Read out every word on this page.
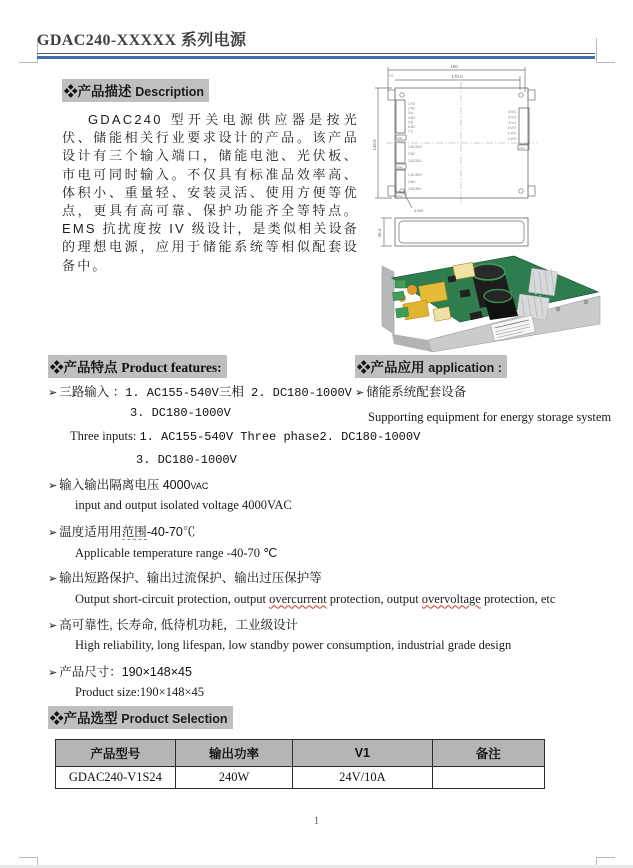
GDAC240-XXXXX 系列电源
❖产品描述 Description
GDAC240 型开关电源供应器是按光伏、储能相关行业要求设计的产品。该产品设计有三个输入端口，储能电池、光伏板、市电可同时输入。不仅具有标准品效率高、体积小、重量轻、安装灵活、使用方便等优点，更具有高可靠、保护功能齐全等特点。EMS 抗扰度按 IV 级设计，是类似相关设备的理想电源，应用于储能系统等相似配套设备中。
190
170.0
7.0
148.0
45.4
4-M3
1:FG
2:NC
3:A
4:NC
5:B
6:NC
7:C
1:DC2IN+
2:NC
3:DC2IN-
1:DC3IN+
2:NC
3:DC3IN-
6:VO-
5:VO-
4:VO-
3:VO+
2:VO+
1:VO+
CN1
CN2
CN3
CN4
❖产品特点 Product features:	❖产品应用 application :
➢ 三路输入 ：1. AC155-540V三相 2. DC180-1000V
3. DC180-1000V
Three inputs: 1. AC155-540V Three phase2. DC180-1000V
3. DC180-1000V
➢ 输入输出隔离电压 4000VAC
input and output isolated voltage 4000VAC
➢ 温度适用用范围-40-70℃
Applicable temperature range -40-70 ℃
➢ 输出短路保护、输出过流保护、输出过压保护等
Output short-circuit protection, output overcurrent protection, output overvoltage protection, etc
➢ 高可靠性, 长寿命, 低待机功耗，工业级设计
High reliability, long lifespan, low standby power consumption, industrial grade design
➢ 产品尺寸：190×148×45
Product size:190×148×45
➢ 储能系统配套设备
Supporting equipment for energy storage system
❖产品选型 Product Selection
产品型号	输出功率	V1	备注
GDAC240-V1S24	240W	24V/10A	
1
